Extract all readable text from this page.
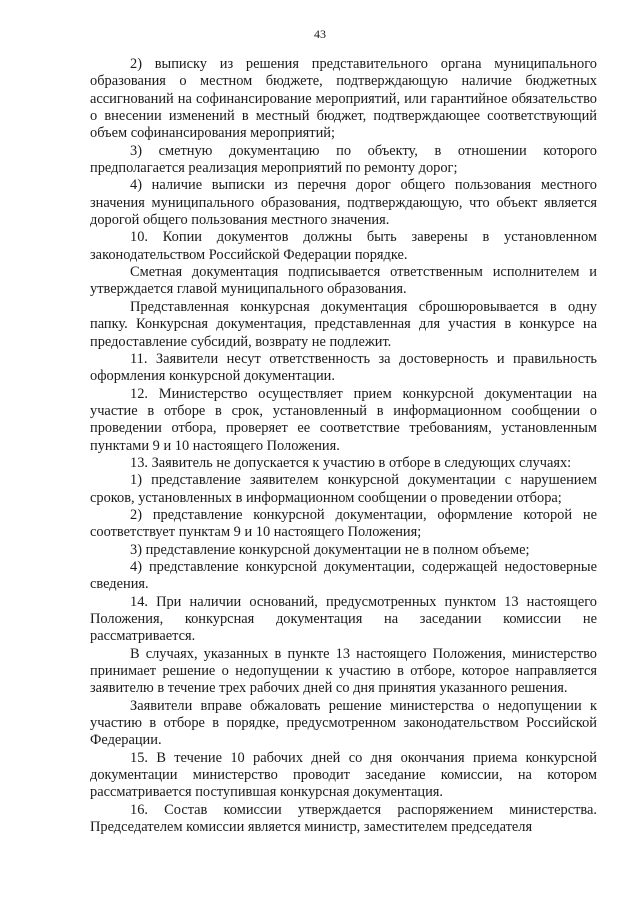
43

2) выписку из решения представительного органа муниципального образования о местном бюджете, подтверждающую наличие бюджетных ассигнований на софинансирование мероприятий, или гарантийное обязательство о внесении изменений в местный бюджет, подтверждающее соответствующий объем софинансирования мероприятий;

3) сметную документацию по объекту, в отношении которого предполагается реализация мероприятий по ремонту дорог;

4) наличие выписки из перечня дорог общего пользования местного значения муниципального образования, подтверждающую, что объект является дорогой общего пользования местного значения.

10. Копии документов должны быть заверены в установленном законодательством Российской Федерации порядке.

Сметная документация подписывается ответственным исполнителем и утверждается главой муниципального образования.

Представленная конкурсная документация сброшюровывается в одну папку. Конкурсная документация, представленная для участия в конкурсе на предоставление субсидий, возврату не подлежит.

11. Заявители несут ответственность за достоверность и правильность оформления конкурсной документации.

12. Министерство осуществляет прием конкурсной документации на участие в отборе в срок, установленный в информационном сообщении о проведении отбора, проверяет ее соответствие требованиям, установленным пунктами 9 и 10 настоящего Положения.

13. Заявитель не допускается к участию в отборе в следующих случаях:

1) представление заявителем конкурсной документации с нарушением сроков, установленных в информационном сообщении о проведении отбора;

2) представление конкурсной документации, оформление которой не соответствует пунктам 9 и 10 настоящего Положения;

3) представление конкурсной документации не в полном объеме;

4) представление конкурсной документации, содержащей недостоверные сведения.

14. При наличии оснований, предусмотренных пунктом 13 настоящего Положения, конкурсная документация на заседании комиссии не рассматривается.

В случаях, указанных в пункте 13 настоящего Положения, министерство принимает решение о недопущении к участию в отборе, которое направляется заявителю в течение трех рабочих дней со дня принятия указанного решения.

Заявители вправе обжаловать решение министерства о недопущении к участию в отборе в порядке, предусмотренном законодательством Российской Федерации.

15. В течение 10 рабочих дней со дня окончания приема конкурсной документации министерство проводит заседание комиссии, на котором рассматривается поступившая конкурсная документация.

16. Состав комиссии утверждается распоряжением министерства. Председателем комиссии является министр, заместителем председателя
